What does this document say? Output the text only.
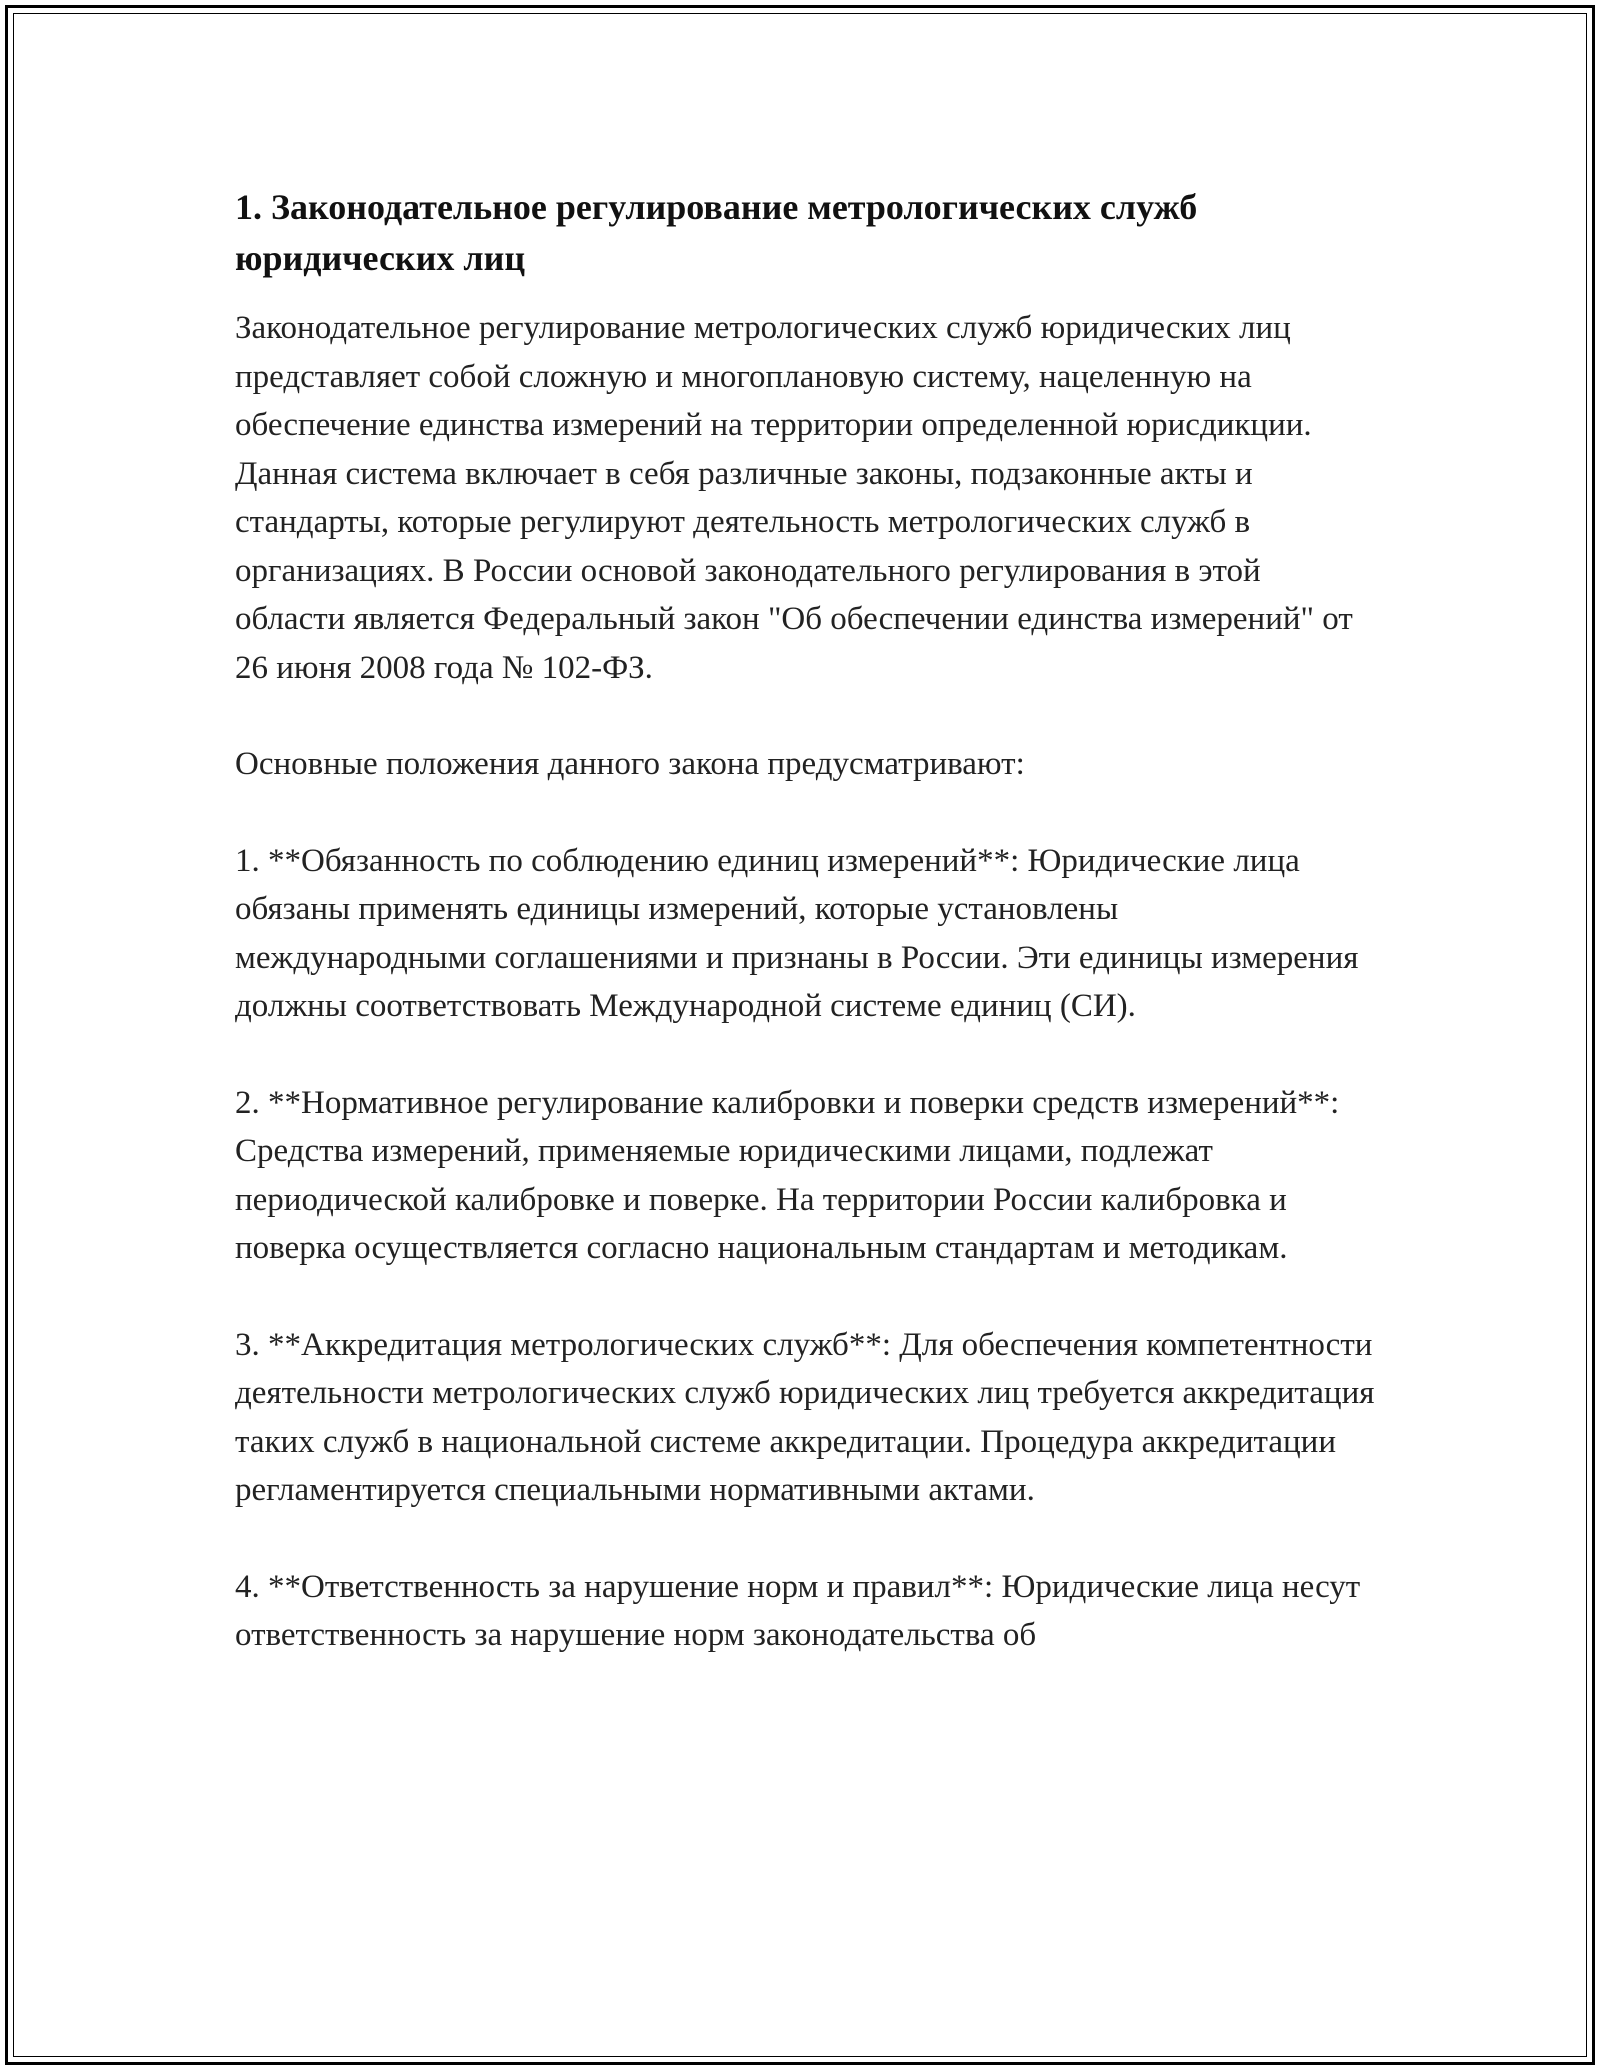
1. Законодательное регулирование метрологических служб юридических лиц

Законодательное регулирование метрологических служб юридических лиц представляет собой сложную и многоплановую систему, нацеленную на обеспечение единства измерений на территории определенной юрисдикции. Данная система включает в себя различные законы, подзаконные акты и стандарты, которые регулируют деятельность метрологических служб в организациях. В России основой законодательного регулирования в этой области является Федеральный закон "Об обеспечении единства измерений" от 26 июня 2008 года № 102-ФЗ.

Основные положения данного закона предусматривают:

1. **Обязанность по соблюдению единиц измерений**: Юридические лица обязаны применять единицы измерений, которые установлены международными соглашениями и признаны в России. Эти единицы измерения должны соответствовать Международной системе единиц (СИ).

2. **Нормативное регулирование калибровки и поверки средств измерений**: Средства измерений, применяемые юридическими лицами, подлежат периодической калибровке и поверке. На территории России калибровка и поверка осуществляется согласно национальным стандартам и методикам.

3. **Аккредитация метрологических служб**: Для обеспечения компетентности деятельности метрологических служб юридических лиц требуется аккредитация таких служб в национальной системе аккредитации. Процедура аккредитации регламентируется специальными нормативными актами.

4. **Ответственность за нарушение норм и правил**: Юридические лица несут ответственность за нарушение норм законодательства об
